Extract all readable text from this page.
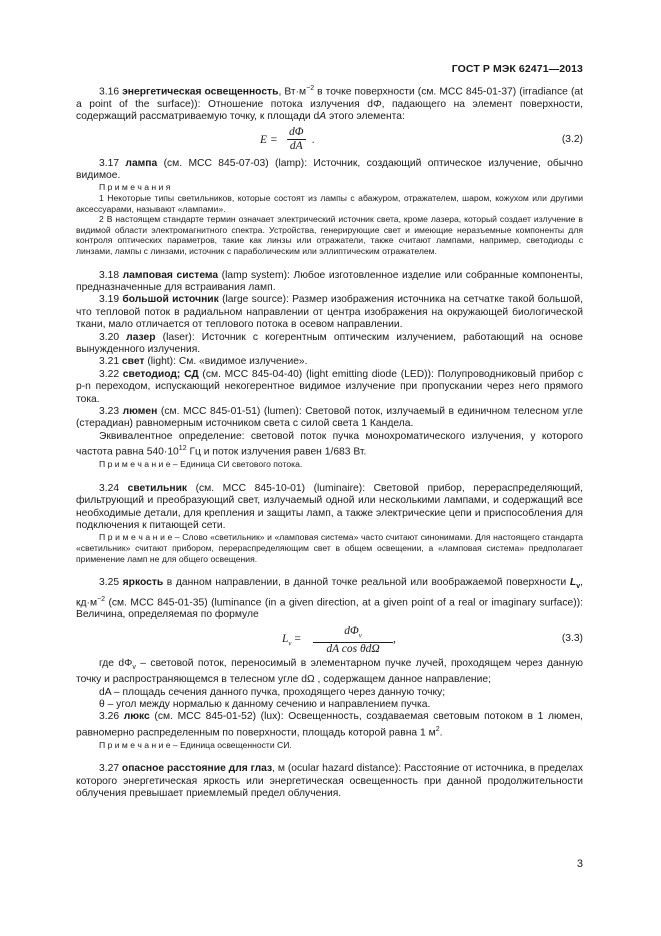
ГОСТ Р МЭК 62471—2013

3.16 энергетическая освещенность, $Вт\cdot м^{-2}$ в точке поверхности (см. МСС 845-01-37) (irradiance (at a point of the surface)): Отношение потока излучения dΦ, падающего на элемент поверхности, содержащий рассматриваемую точку, к площади dA этого элемента:

$E = \frac{d\Phi}{dA}$ .	(3.2)

3.17 лампа (см. МСС 845-07-03) (lamp): Источник, создающий оптическое излучение, обычно видимое.

П р и м е ч а н и я

1 Некоторые типы светильников, которые состоят из лампы с абажуром, отражателем, шаром, кожухом или другими аксессуарами, называют «лампами».

2 В настоящем стандарте термин означает электрический источник света, кроме лазера, который создает излучение в видимой области электромагнитного спектра. Устройства, генерирующие свет и имеющие неразъемные компоненты для контроля оптических параметров, такие как линзы или отражатели, также считают лампами, например, светодиоды с линзами, лампы с линзами, источник с параболическим или эллиптическим отражателем.

3.18 ламповая система (lamp system): Любое изготовленное изделие или собранные компоненты, предназначенные для встраивания ламп.

3.19 большой источник (large source): Размер изображения источника на сетчатке такой большой, что тепловой поток в радиальном направлении от центра изображения на окружающей биологической ткани, мало отличается от теплового потока в осевом направлении.

3.20 лазер (laser): Источник с когерентным оптическим излучением, работающий на основе вынужденного излучения.

3.21 свет (light): См. «видимое излучение».

3.22 светодиод; СД (см. МСС 845-04-40) (light emitting diode (LED)): Полупроводниковый прибор с p-n переходом, испускающий некогерентное видимое излучение при пропускании через него прямого тока.

3.23 люмен (см. МСС 845-01-51) (lumen): Световой поток, излучаемый в единичном телесном угле (стерадиан) равномерным источником света с силой света 1 Кандела.

Эквивалентное определение: световой поток пучка монохроматического излучения, у которого частота равна $540\cdot 10^{12}$ Гц и поток излучения равен 1/683 Вт.

П р и м е ч а н и е – Единица СИ светового потока.

3.24 светильник (см. МСС 845-10-01) (luminaire): Световой прибор, перераспределяющий, фильтрующий и преобразующий свет, излучаемый одной или несколькими лампами, и содержащий все необходимые детали, для крепления и защиты ламп, а также электрические цепи и приспособления для подключения к питающей сети.

П р и м е ч а н и е – Слово «светильник» и «ламповая система» часто считают синонимами. Для настоящего стандарта «светильник» считают прибором, перераспределяющим свет в общем освещении, а «ламповая система» предполагает применение ламп не для общего освещения.

3.25 яркость в данном направлении, в данной точке реальной или воображаемой поверхности $L_v$, $кд\cdot м^{-2}$ (см. МСС 845-01-35) (luminance (in a given direction, at a given point of a real or imaginary surface)): Величина, определяемая по формуле

$L_v$ =
$d\Phi_v$
dA cos θdΩ
,	(3.3)

где $d\Phi_v$ – световой поток, переносимый в элементарном пучке лучей, проходящем через данную точку и распространяющемся в телесном угле dΩ , содержащем данное направление;

dA – площадь сечения данного пучка, проходящего через данную точку;

θ – угол между нормалью к данному сечению и направлением пучка.

3.26 люкс (см. МСС 845-01-52) (lux): Освещенность, создаваемая световым потоком в 1 люмен, равномерно распределенным по поверхности, площадь которой равна 1 $м^2$.

П р и м е ч а н и е – Единица освещенности СИ.

3.27 опасное расстояние для глаз, м (ocular hazard distance): Расстояние от источника, в пределах которого энергетическая яркость или энергетическая освещенность при данной продолжительности облучения превышает приемлемый предел облучения.

3
